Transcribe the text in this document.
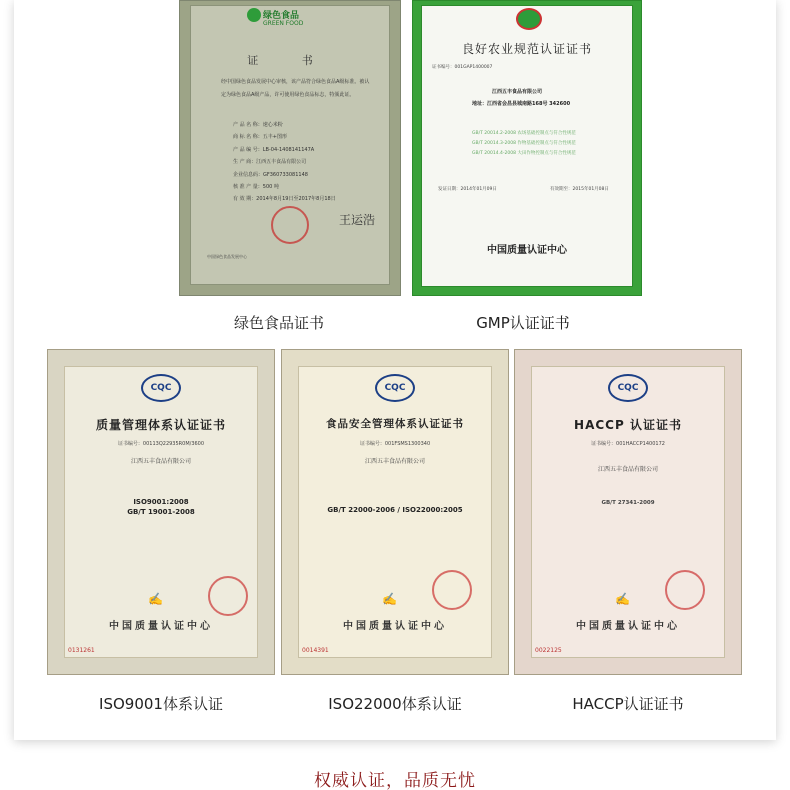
绿色食品
GREEN FOOD
证 书
经中国绿色食品发展中心审核，该产品符合绿色食品A级标准。被认定为绿色食品A级产品，许可使用绿色食品标志，特颁此证。
产 品 名 称：速心米粉
商 标 名 称：五丰+图形
产 品 编 号：LB-04-1408141147A
生 产 商：江西五丰食品有限公司
企业信息码：GF360733081148
核 准 产 量：500 吨
有 效 期：2014年8月19日至2017年8月18日
王运浩
中国绿色食品发展中心
绿色食品证书
良好农业规范认证证书
证书编号：001GAP1400007
江西五丰食品有限公司
地址：江西省会昌县城南路168号 342600
GB/T 20014.2-2008 农场基础控制点与符合性规范
GB/T 20014.3-2008 作物基础控制点与符合性规范
GB/T 20014.4-2008 大田作物控制点与符合性规范
发证日期：2014年01月09日	有效期至：2015年01月08日
中国质量认证中心
GMP认证证书
CQC
质量管理体系认证证书
证书编号：00113Q22935R0M/3600
江西五丰食品有限公司
ISO9001:2008
GB/T 19001-2008
✍
中国质量认证中心
0131261
ISO9001体系认证
CQC
食品安全管理体系认证证书
证书编号：001FSMS1300340
江西五丰食品有限公司
GB/T 22000-2006 / ISO22000:2005
✍
中国质量认证中心
0014391
ISO22000体系认证
CQC
HACCP 认证证书
证书编号：001HACCP1400172
江西五丰食品有限公司
GB/T 27341-2009
✍
中国质量认证中心
0022125
HACCP认证证书
权威认证，品质无忧
